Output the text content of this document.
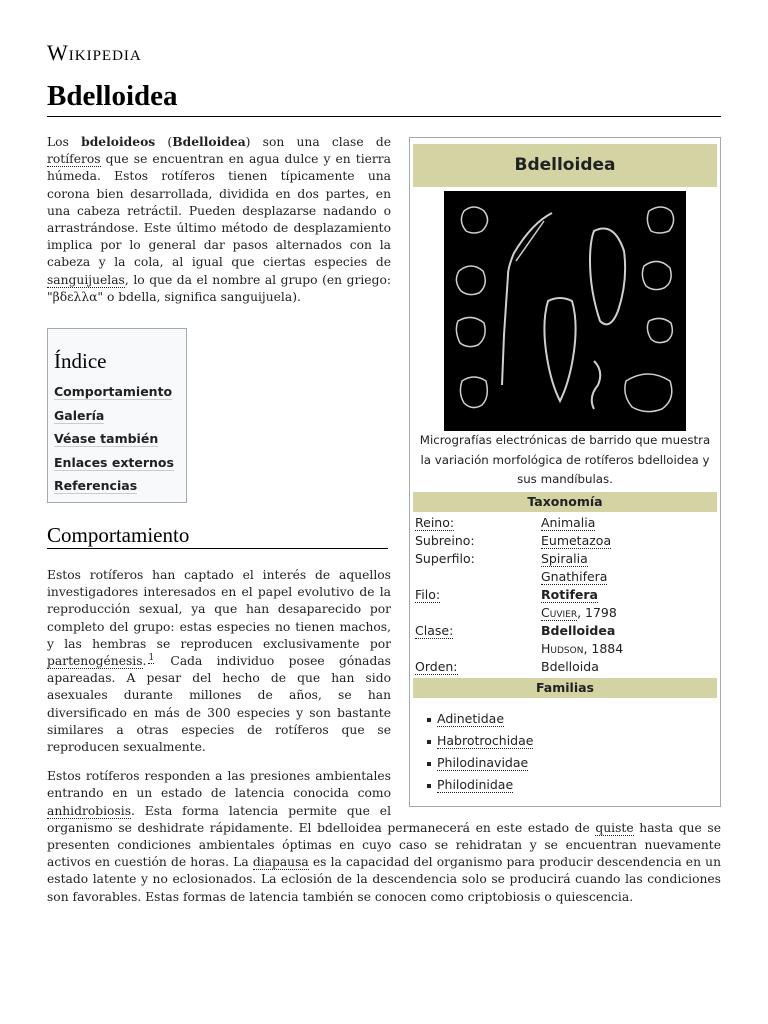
Wikipedia
Bdelloidea
Bdelloidea
Micrografías electrónicas de barrido que muestra la variación morfológica de rotíferos bdelloidea y sus mandíbulas.
Taxonomía
Reino:	Animalia
Subreino:	Eumetazoa
Superfilo:	Spiralia
Gnathifera
Filo:	Rotifera
Cuvier, 1798
Clase:	Bdelloidea
Hudson, 1884
Orden:	Bdelloida
Familias
Adinetidae
Habrotrochidae
Philodinavidae
Philodinidae

Los bdeloideos (Bdelloidea) son una clase de rotíferos que se encuentran en agua dulce y en tierra húmeda. Estos rotíferos tienen típicamente una corona bien desarrollada, dividida en dos partes, en una cabeza retráctil. Pueden desplazarse nadando o arrastrándose. Este último método de desplazamiento implica por lo general dar pasos alternados con la cabeza y la cola, al igual que ciertas especies de sanguijuelas, lo que da el nombre al grupo (en griego: "βδελλα" o bdella, significa sanguijuela).

Índice
Comportamiento
Galería
Véase también
Enlaces externos
Referencias
Comportamiento

Estos rotíferos han captado el interés de aquellos investigadores interesados en el papel evolutivo de la reproducción sexual, ya que han desaparecido por completo del grupo: estas especies no tienen machos, y las hembras se reproducen exclusivamente por partenogénesis. $^1$ Cada individuo posee gónadas apareadas. A pesar del hecho de que han sido asexuales durante millones de años, se han diversificado en más de 300 especies y son bastante similares a otras especies de rotíferos que se reproducen sexualmente.

Estos rotíferos responden a las presiones ambientales entrando en un estado de latencia conocida como anhidrobiosis. Esta forma latencia permite que el organismo se deshidrate rápidamente. El bdelloidea permanecerá en este estado de quiste hasta que se presenten condiciones ambientales óptimas en cuyo caso se rehidratan y se encuentran nuevamente activos en cuestión de horas. La diapausa es la capacidad del organismo para producir descendencia en un estado latente y no eclosionados. La eclosión de la descendencia solo se producirá cuando las condiciones son favorables. Estas formas de latencia también se conocen como criptobiosis o quiescencia.
